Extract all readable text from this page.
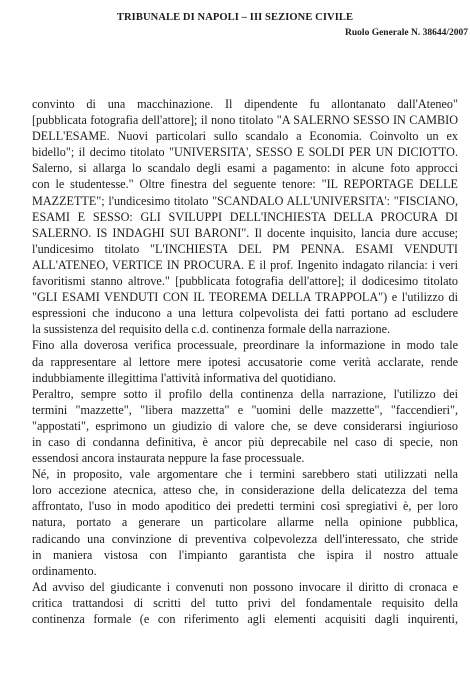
TRIBUNALE DI NAPOLI – III SEZIONE CIVILE
Ruolo Generale N. 38644/2007
convinto di una macchinazione. Il dipendente fu allontanato dall'Ateneo"
[pubblicata fotografia dell'attore]; il nono titolato "A SALERNO SESSO IN CAMBIO
DELL'ESAME. Nuovi particolari sullo scandalo a Economia. Coinvolto un ex
bidello"; il decimo titolato "UNIVERSITA', SESSO E SOLDI PER UN DICIOTTO.
Salerno, si allarga lo scandalo degli esami a pagamento: in alcune foto approcci
con le studentesse." Oltre finestra del seguente tenore: "IL REPORTAGE DELLE
MAZZETTE"; l'undicesimo titolato "SCANDALO ALL'UNIVERSITA': "FISCIANO,
ESAMI E SESSO: GLI SVILUPPI DELL'INCHIESTA DELLA PROCURA DI
SALERNO. IS INDAGHI SUI BARONI". Il docente inquisito, lancia dure accuse;
l'undicesimo titolato "L'INCHIESTA DEL PM PENNA. ESAMI VENDUTI
ALL'ATENEO, VERTICE IN PROCURA. E il prof. Ingenito indagato rilancia: i veri
favoritismi stanno altrove." [pubblicata fotografia dell'attore]; il dodicesimo titolato
"GLI ESAMI VENDUTI CON IL TEOREMA DELLA TRAPPOLA") e l'utilizzo di
espressioni che inducono a una lettura colpevolista dei fatti portano ad escludere
la sussistenza del requisito della c.d. continenza formale della narrazione.
Fino alla doverosa verifica processuale, preordinare la informazione in modo tale
da rappresentare al lettore mere ipotesi accusatorie come verità acclarate, rende
indubbiamente illegittima l'attività informativa del quotidiano.
Peraltro, sempre sotto il profilo della continenza della narrazione, l'utilizzo dei
termini "mazzette", "libera mazzetta" e "uomini delle mazzette", "faccendieri",
"appostati", esprimono un giudizio di valore che, se deve considerarsi ingiurioso
in caso di condanna definitiva, è ancor più deprecabile nel caso di specie, non
essendosi ancora instaurata neppure la fase processuale.
Né, in proposito, vale argomentare che i termini sarebbero stati utilizzati nella
loro accezione atecnica, atteso che, in considerazione della delicatezza del tema
affrontato, l'uso in modo apoditico dei predetti termini così spregiativi è, per loro
natura, portato a generare un particolare allarme nella opinione pubblica,
radicando una convinzione di preventiva colpevolezza dell'interessato, che stride
in maniera vistosa con l'impianto garantista che ispira il nostro attuale
ordinamento.
Ad avviso del giudicante i convenuti non possono invocare il diritto di cronaca e
critica trattandosi di scritti del tutto privi del fondamentale requisito della
continenza formale (e con riferimento agli elementi acquisiti dagli inquirenti,
